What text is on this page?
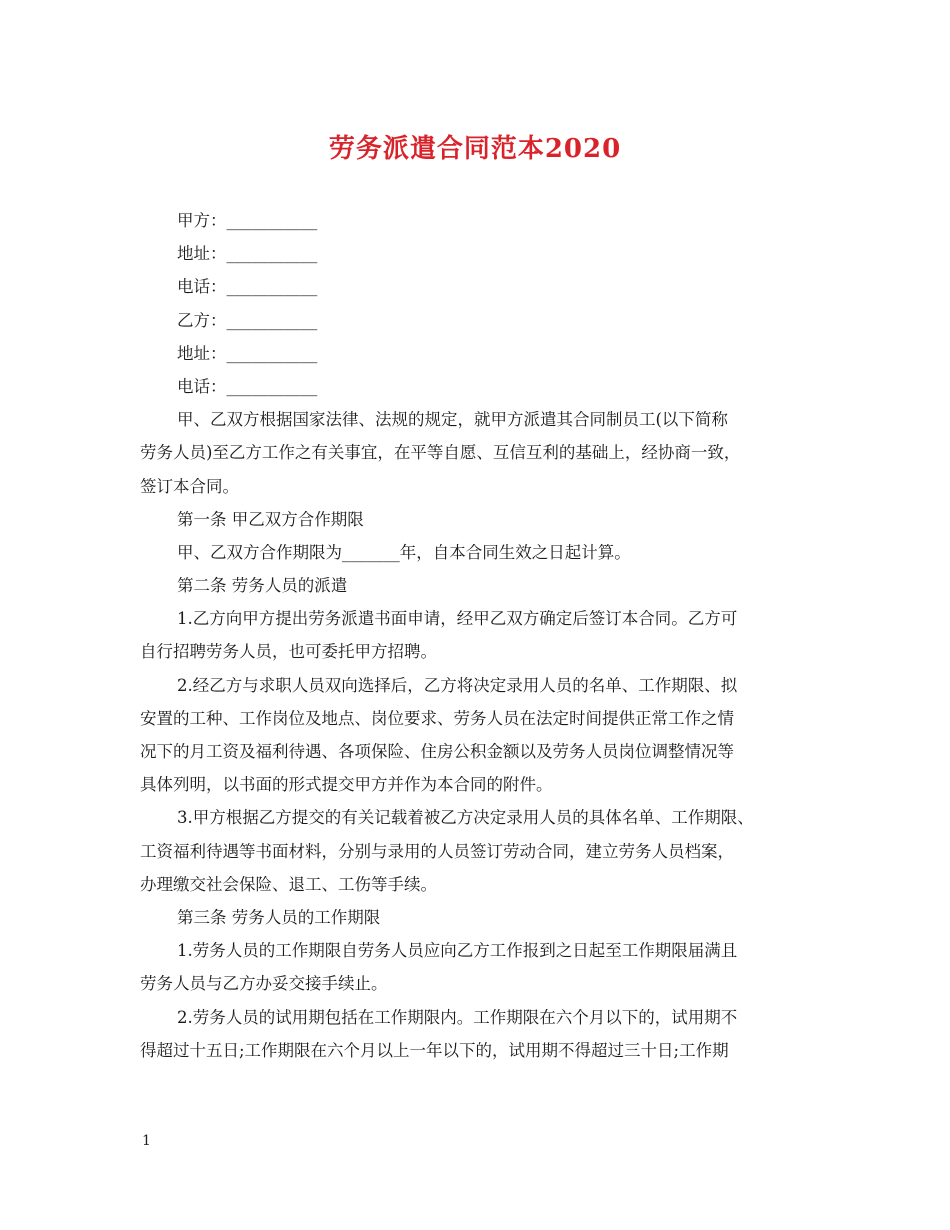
劳务派遣合同范本2020
甲方：___________
地址：___________
电话：___________
乙方：___________
地址：___________
电话：___________
甲、乙双方根据国家法律、法规的规定，就甲方派遣其合同制员工(以下简称
劳务人员)至乙方工作之有关事宜，在平等自愿、互信互利的基础上，经协商一致，
签订本合同。
第一条 甲乙双方合作期限
甲、乙双方合作期限为_______年，自本合同生效之日起计算。
第二条 劳务人员的派遣
1.乙方向甲方提出劳务派遣书面申请，经甲乙双方确定后签订本合同。乙方可
自行招聘劳务人员，也可委托甲方招聘。
2.经乙方与求职人员双向选择后，乙方将决定录用人员的名单、工作期限、拟
安置的工种、工作岗位及地点、岗位要求、劳务人员在法定时间提供正常工作之情
况下的月工资及福利待遇、各项保险、住房公积金额以及劳务人员岗位调整情况等
具体列明，以书面的形式提交甲方并作为本合同的附件。
3.甲方根据乙方提交的有关记载着被乙方决定录用人员的具体名单、工作期限、
工资福利待遇等书面材料，分别与录用的人员签订劳动合同，建立劳务人员档案，
办理缴交社会保险、退工、工伤等手续。
第三条 劳务人员的工作期限
1.劳务人员的工作期限自劳务人员应向乙方工作报到之日起至工作期限届满且
劳务人员与乙方办妥交接手续止。
2.劳务人员的试用期包括在工作期限内。工作期限在六个月以下的，试用期不
得超过十五日;工作期限在六个月以上一年以下的，试用期不得超过三十日;工作期
1
